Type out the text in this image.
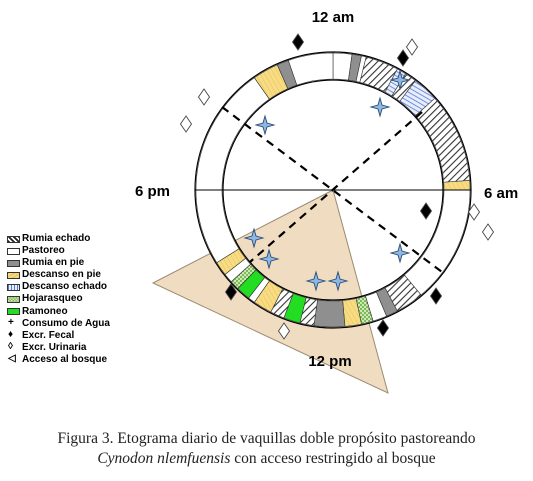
12 am
6 am
12 pm
6 pm
Rumia echado
Pastoreo
Rumia en pie
Descanso en pie
Descanso echado
Hojarasqueo
Ramoneo
+ Consumo de Agua
♦ Excr. Fecal
◊ Excr. Urinaria
◁ Acceso al bosque
Figura 3. Etograma diario de vaquillas doble propósito pastoreando
Cynodon nlemfuensis con acceso restringido al bosque
